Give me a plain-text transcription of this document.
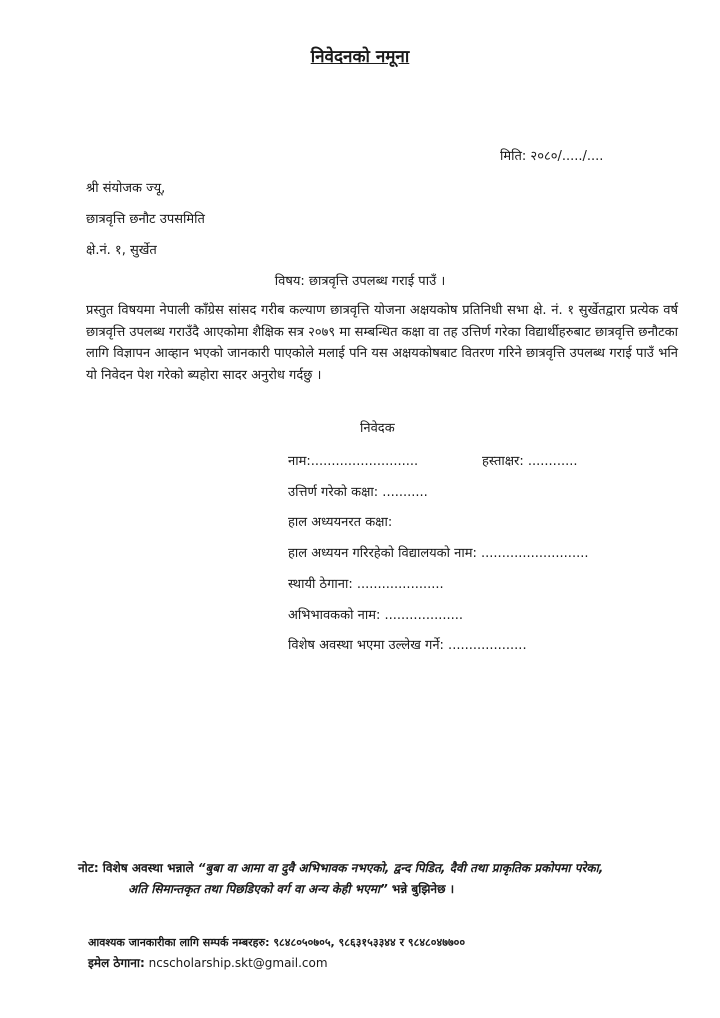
निवेदनको नमूना
मिति: २०८०/...../....
श्री संयोजक ज्यू,
छात्रवृत्ति छनौट उपसमिति
क्षे.नं. १, सुर्खेत
विषय: छात्रवृत्ति उपलब्ध गराई पाउँ ।
प्रस्तुत विषयमा नेपाली काँग्रेस सांसद गरीब कल्याण छात्रवृत्ति योजना अक्षयकोष प्रतिनिधी सभा क्षे. नं. १ सुर्खेतद्वारा प्रत्येक वर्ष छात्रवृत्ति उपलब्ध गराउँदै आएकोमा शैक्षिक सत्र २०७९ मा सम्बन्धित कक्षा वा तह उत्तिर्ण गरेका विद्यार्थीहरुबाट छात्रवृत्ति छनौटका लागि विज्ञापन आव्हान भएको जानकारी पाएकोले मलाई पनि यस अक्षयकोषबाट वितरण गरिने छात्रवृत्ति उपलब्ध गराई पाउँ भनि यो निवेदन पेश गरेको ब्यहोरा सादर अनुरोध गर्दछु ।
निवेदक
नाम:..........................	हस्ताक्षर: ............
उत्तिर्ण गरेको कक्षा: ...........
हाल अध्ययनरत कक्षा:
हाल अध्ययन गरिरहेको विद्यालयको नाम: ..........................
स्थायी ठेगाना: .....................
अभिभावकको नाम: ...................
विशेष अवस्था भएमा उल्लेख गर्ने: ...................
नोट: विशेष अवस्था भन्नाले “बुबा वा आमा वा दुवै अभिभावक नभएको, द्वन्द पिडित, दैवी तथा प्राकृतिक प्रकोपमा परेका,
अति सिमान्तकृत तथा पिछडिएको वर्ग वा अन्य केही भएमा” भन्ने बुझिनेछ ।
आवश्यक जानकारीका लागि सम्पर्क नम्बरहरु: ९८४८०५०७०५, ९८६३१५३३४४ र ९८४८०४७७००
इमेल ठेगाना: ncscholarship.skt@gmail.com
